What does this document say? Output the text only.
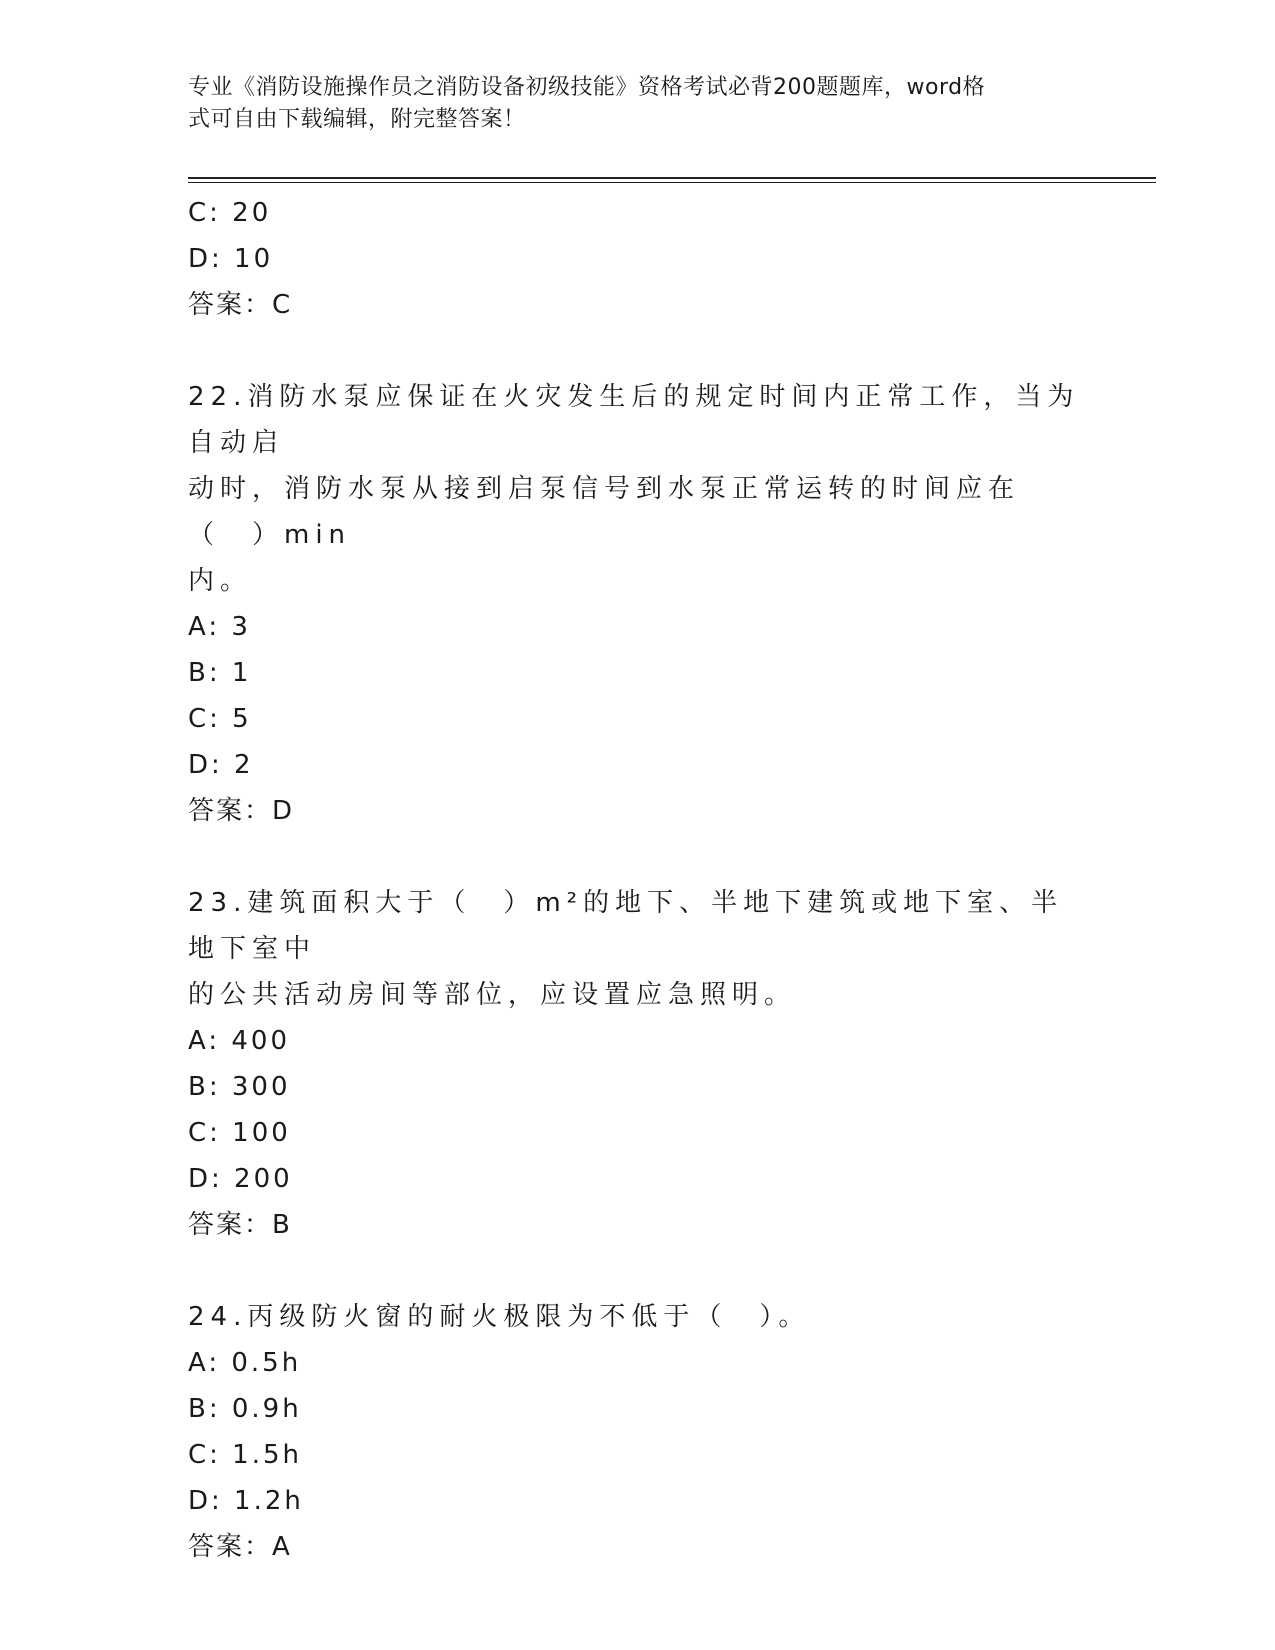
专业《消防设施操作员之消防设备初级技能》资格考试必背200题题库，word格
式可自由下载编辑，附完整答案！
C: 20
D: 10
答案：C
22.消防水泵应保证在火灾发生后的规定时间内正常工作，当为自动启
动时，消防水泵从接到启泵信号到水泵正常运转的时间应在（　）min
内。
A: 3
B: 1
C: 5
D: 2
答案：D
23.建筑面积大于（　）m²的地下、半地下建筑或地下室、半地下室中
的公共活动房间等部位，应设置应急照明。
A: 400
B: 300
C: 100
D: 200
答案：B
24.丙级防火窗的耐火极限为不低于（　）。
A: 0.5h
B: 0.9h
C: 1.5h
D: 1.2h
答案：A
